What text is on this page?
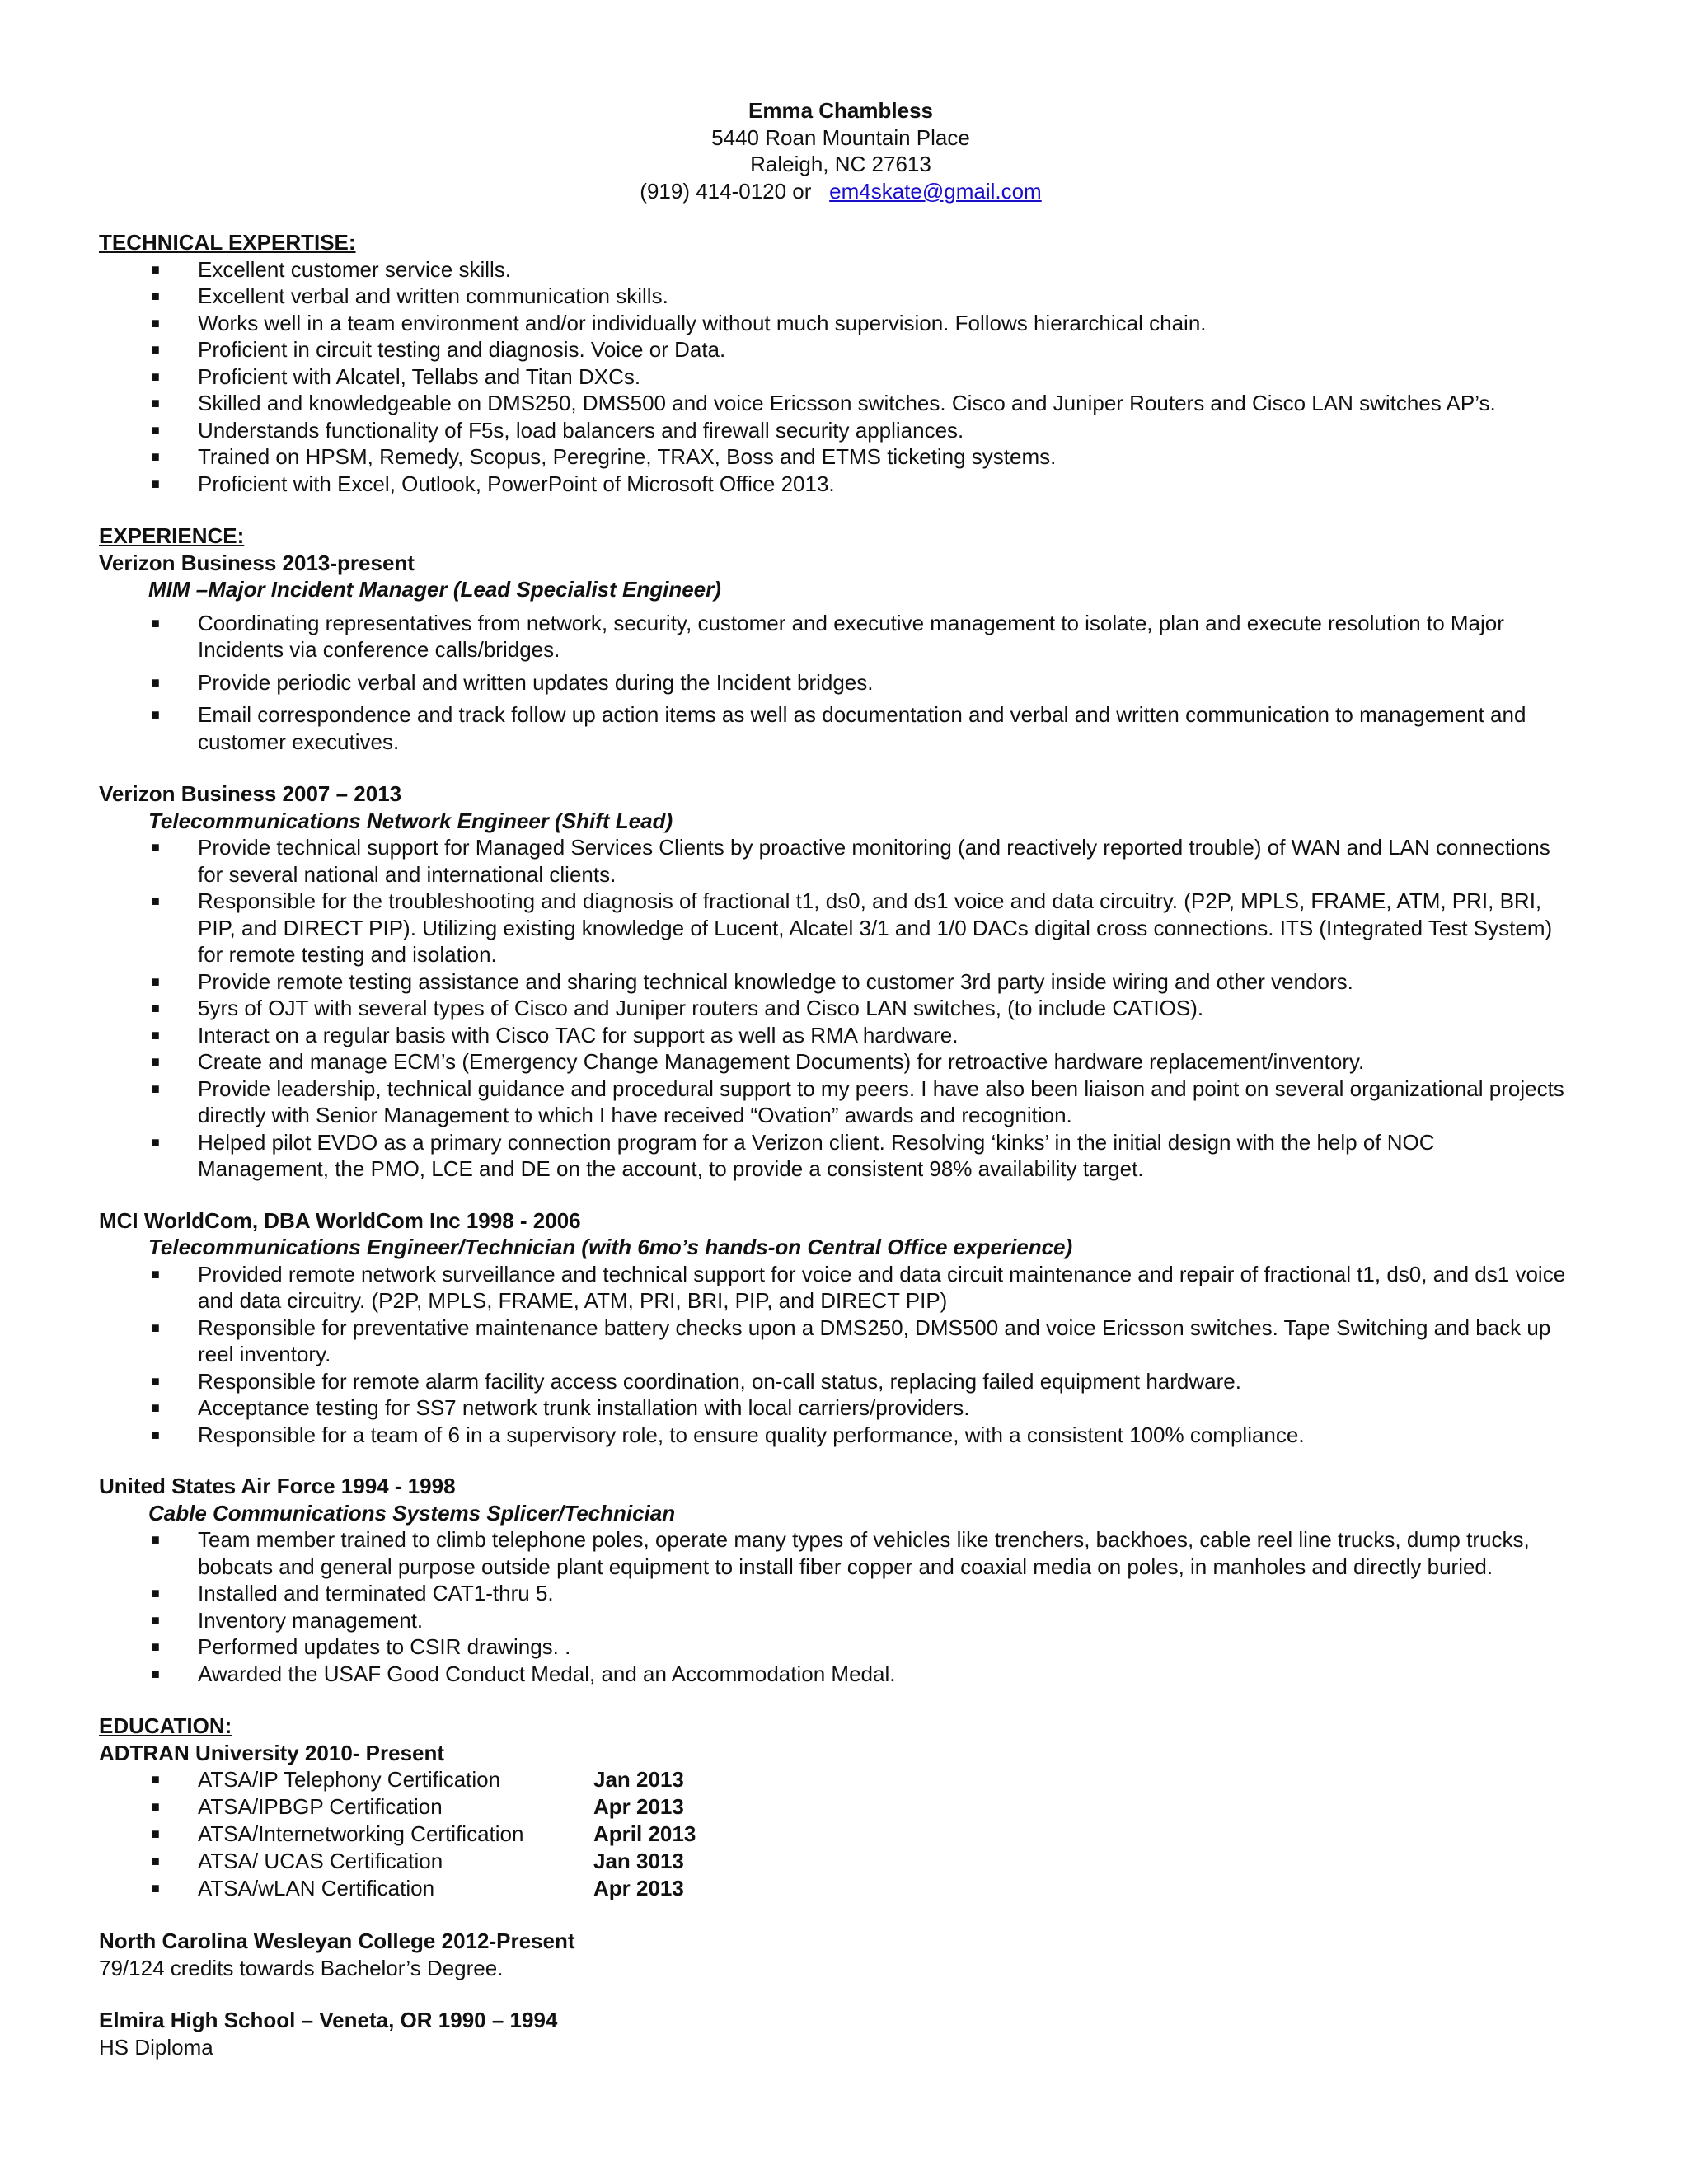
Emma Chambless
5440 Roan Mountain Place
Raleigh, NC 27613
(919) 414-0120 or em4skate@gmail.com
TECHNICAL EXPERTISE:
■ Excellent customer service skills.
■ Excellent verbal and written communication skills.
■ Works well in a team environment and/or individually without much supervision. Follows hierarchical chain.
■ Proficient in circuit testing and diagnosis. Voice or Data.
■ Proficient with Alcatel, Tellabs and Titan DXCs.
■ Skilled and knowledgeable on DMS250, DMS500 and voice Ericsson switches. Cisco and Juniper Routers and Cisco LAN switches AP’s.
■ Understands functionality of F5s, load balancers and firewall security appliances.
■ Trained on HPSM, Remedy, Scopus, Peregrine, TRAX, Boss and ETMS ticketing systems.
■ Proficient with Excel, Outlook, PowerPoint of Microsoft Office 2013.
EXPERIENCE:
Verizon Business 2013-present
MIM –Major Incident Manager (Lead Specialist Engineer)
■ Coordinating representatives from network, security, customer and executive management to isolate, plan and execute resolution to Major Incidents via conference calls/bridges.
■ Provide periodic verbal and written updates during the Incident bridges.
■ Email correspondence and track follow up action items as well as documentation and verbal and written communication to management and customer executives.
Verizon Business 2007 – 2013
Telecommunications Network Engineer (Shift Lead)
■ Provide technical support for Managed Services Clients by proactive monitoring (and reactively reported trouble) of WAN and LAN connections for several national and international clients.
■ Responsible for the troubleshooting and diagnosis of fractional t1, ds0, and ds1 voice and data circuitry. (P2P, MPLS, FRAME, ATM, PRI, BRI, PIP, and DIRECT PIP). Utilizing existing knowledge of Lucent, Alcatel 3/1 and 1/0 DACs digital cross connections. ITS (Integrated Test System) for remote testing and isolation.
■ Provide remote testing assistance and sharing technical knowledge to customer 3rd party inside wiring and other vendors.
■ 5yrs of OJT with several types of Cisco and Juniper routers and Cisco LAN switches, (to include CATIOS).
■ Interact on a regular basis with Cisco TAC for support as well as RMA hardware.
■ Create and manage ECM’s (Emergency Change Management Documents) for retroactive hardware replacement/inventory.
■ Provide leadership, technical guidance and procedural support to my peers. I have also been liaison and point on several organizational projects directly with Senior Management to which I have received “Ovation” awards and recognition.
■ Helped pilot EVDO as a primary connection program for a Verizon client. Resolving ‘kinks’ in the initial design with the help of NOC Management, the PMO, LCE and DE on the account, to provide a consistent 98% availability target.
MCI WorldCom, DBA WorldCom Inc 1998 - 2006
Telecommunications Engineer/Technician (with 6mo’s hands-on Central Office experience)
■ Provided remote network surveillance and technical support for voice and data circuit maintenance and repair of fractional t1, ds0, and ds1 voice and data circuitry. (P2P, MPLS, FRAME, ATM, PRI, BRI, PIP, and DIRECT PIP)
■ Responsible for preventative maintenance battery checks upon a DMS250, DMS500 and voice Ericsson switches. Tape Switching and back up reel inventory.
■ Responsible for remote alarm facility access coordination, on-call status, replacing failed equipment hardware.
■ Acceptance testing for SS7 network trunk installation with local carriers/providers.
■ Responsible for a team of 6 in a supervisory role, to ensure quality performance, with a consistent 100% compliance.
United States Air Force 1994 - 1998
Cable Communications Systems Splicer/Technician
■ Team member trained to climb telephone poles, operate many types of vehicles like trenchers, backhoes, cable reel line trucks, dump trucks, bobcats and general purpose outside plant equipment to install fiber copper and coaxial media on poles, in manholes and directly buried.
■ Installed and terminated CAT1-thru 5.
■ Inventory management.
■ Performed updates to CSIR drawings. .
■ Awarded the USAF Good Conduct Medal, and an Accommodation Medal.
EDUCATION:
ADTRAN University 2010- Present
■ ATSA/IP Telephony Certification	Jan 2013
■ ATSA/IPBGP Certification	Apr 2013
■ ATSA/Internetworking Certification	April 2013
■ ATSA/ UCAS Certification	Jan 3013
■ ATSA/wLAN Certification	Apr 2013
North Carolina Wesleyan College 2012-Present
79/124 credits towards Bachelor’s Degree.
Elmira High School – Veneta, OR 1990 – 1994
HS Diploma
